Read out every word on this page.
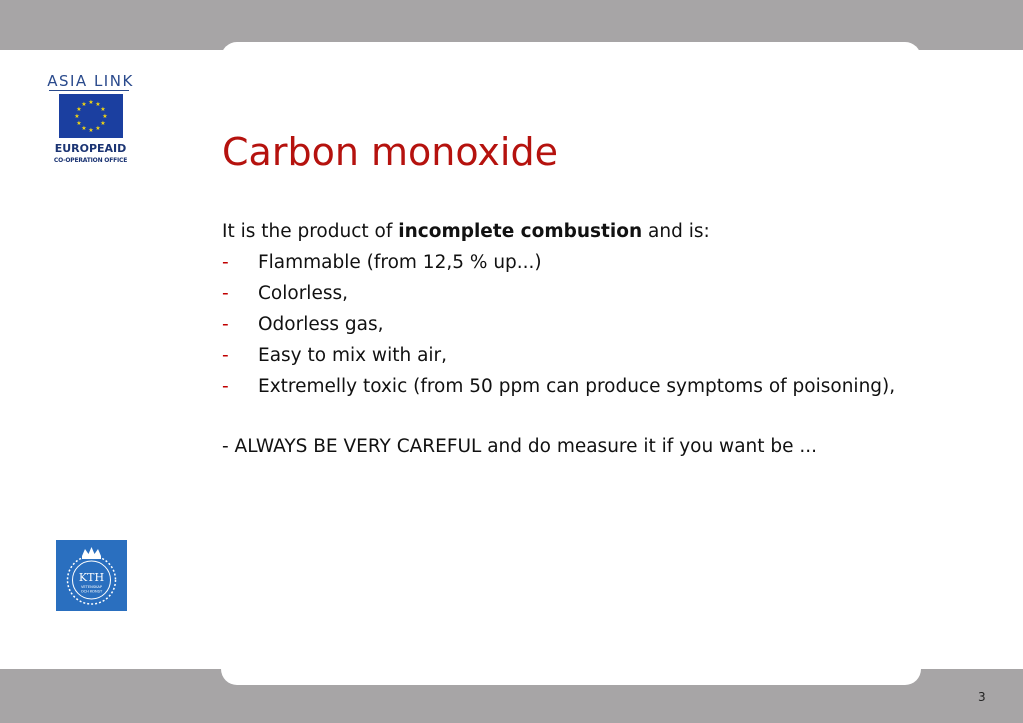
ASIA LINK
★ ★
★
★
★
★
★
★
★
★
★
★
EUROPEAID
CO-OPERATION OFFICE
KTH
VETENSKAP
OCH KONST
Carbon monoxide
It is the product of incomplete combustion and is:
- Flammable (from 12,5 % up...)
- Colorless,
- Odorless gas,
- Easy to mix with air,
- Extremelly toxic (from 50 ppm can produce symptoms of poisoning),
- ALWAYS BE VERY CAREFUL and do measure it if you want be ...
3
